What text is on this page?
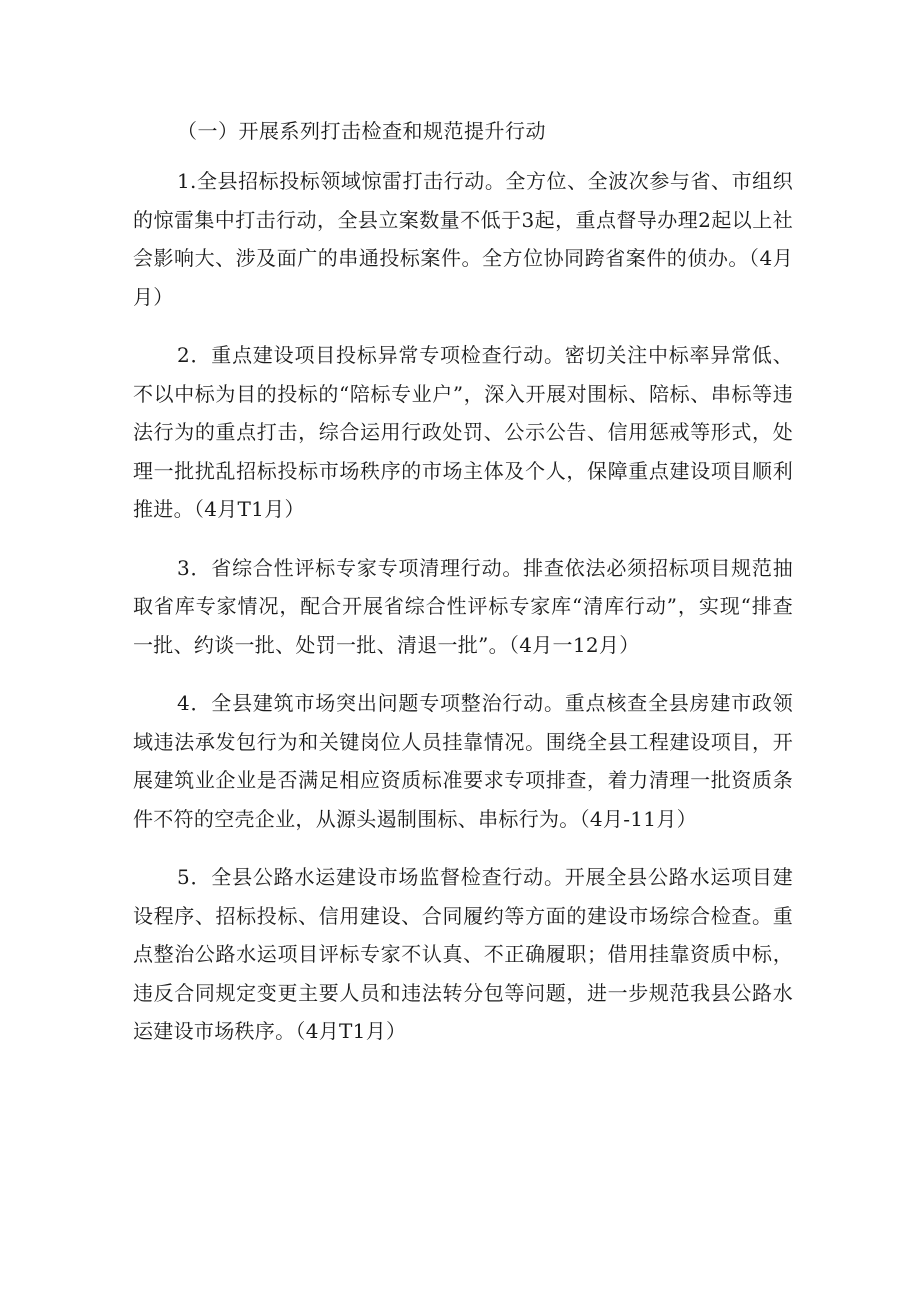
（一）开展系列打击检查和规范提升行动

1.全县招标投标领域惊雷打击行动。全方位、全波次参与省、市组织的惊雷集中打击行动，全县立案数量不低于3起，重点督导办理2起以上社会影响大、涉及面广的串通投标案件。全方位协同跨省案件的侦办。（4月月）

2．重点建设项目投标异常专项检查行动。密切关注中标率异常低、不以中标为目的投标的“陪标专业户”，深入开展对围标、陪标、串标等违法行为的重点打击，综合运用行政处罚、公示公告、信用惩戒等形式，处理一批扰乱招标投标市场秩序的市场主体及个人，保障重点建设项目顺利推进。（4月T1月）

3．省综合性评标专家专项清理行动。排查依法必须招标项目规范抽取省库专家情况，配合开展省综合性评标专家库“清库行动”，实现“排查一批、约谈一批、处罚一批、清退一批”。（4月一12月）

4．全县建筑市场突出问题专项整治行动。重点核查全县房建市政领域违法承发包行为和关键岗位人员挂靠情况。围绕全县工程建设项目，开展建筑业企业是否满足相应资质标准要求专项排查，着力清理一批资质条件不符的空壳企业，从源头遏制围标、串标行为。（4月-11月）

5．全县公路水运建设市场监督检查行动。开展全县公路水运项目建设程序、招标投标、信用建设、合同履约等方面的建设市场综合检查。重点整治公路水运项目评标专家不认真、不正确履职；借用挂靠资质中标，违反合同规定变更主要人员和违法转分包等问题，进一步规范我县公路水运建设市场秩序。（4月T1月）
